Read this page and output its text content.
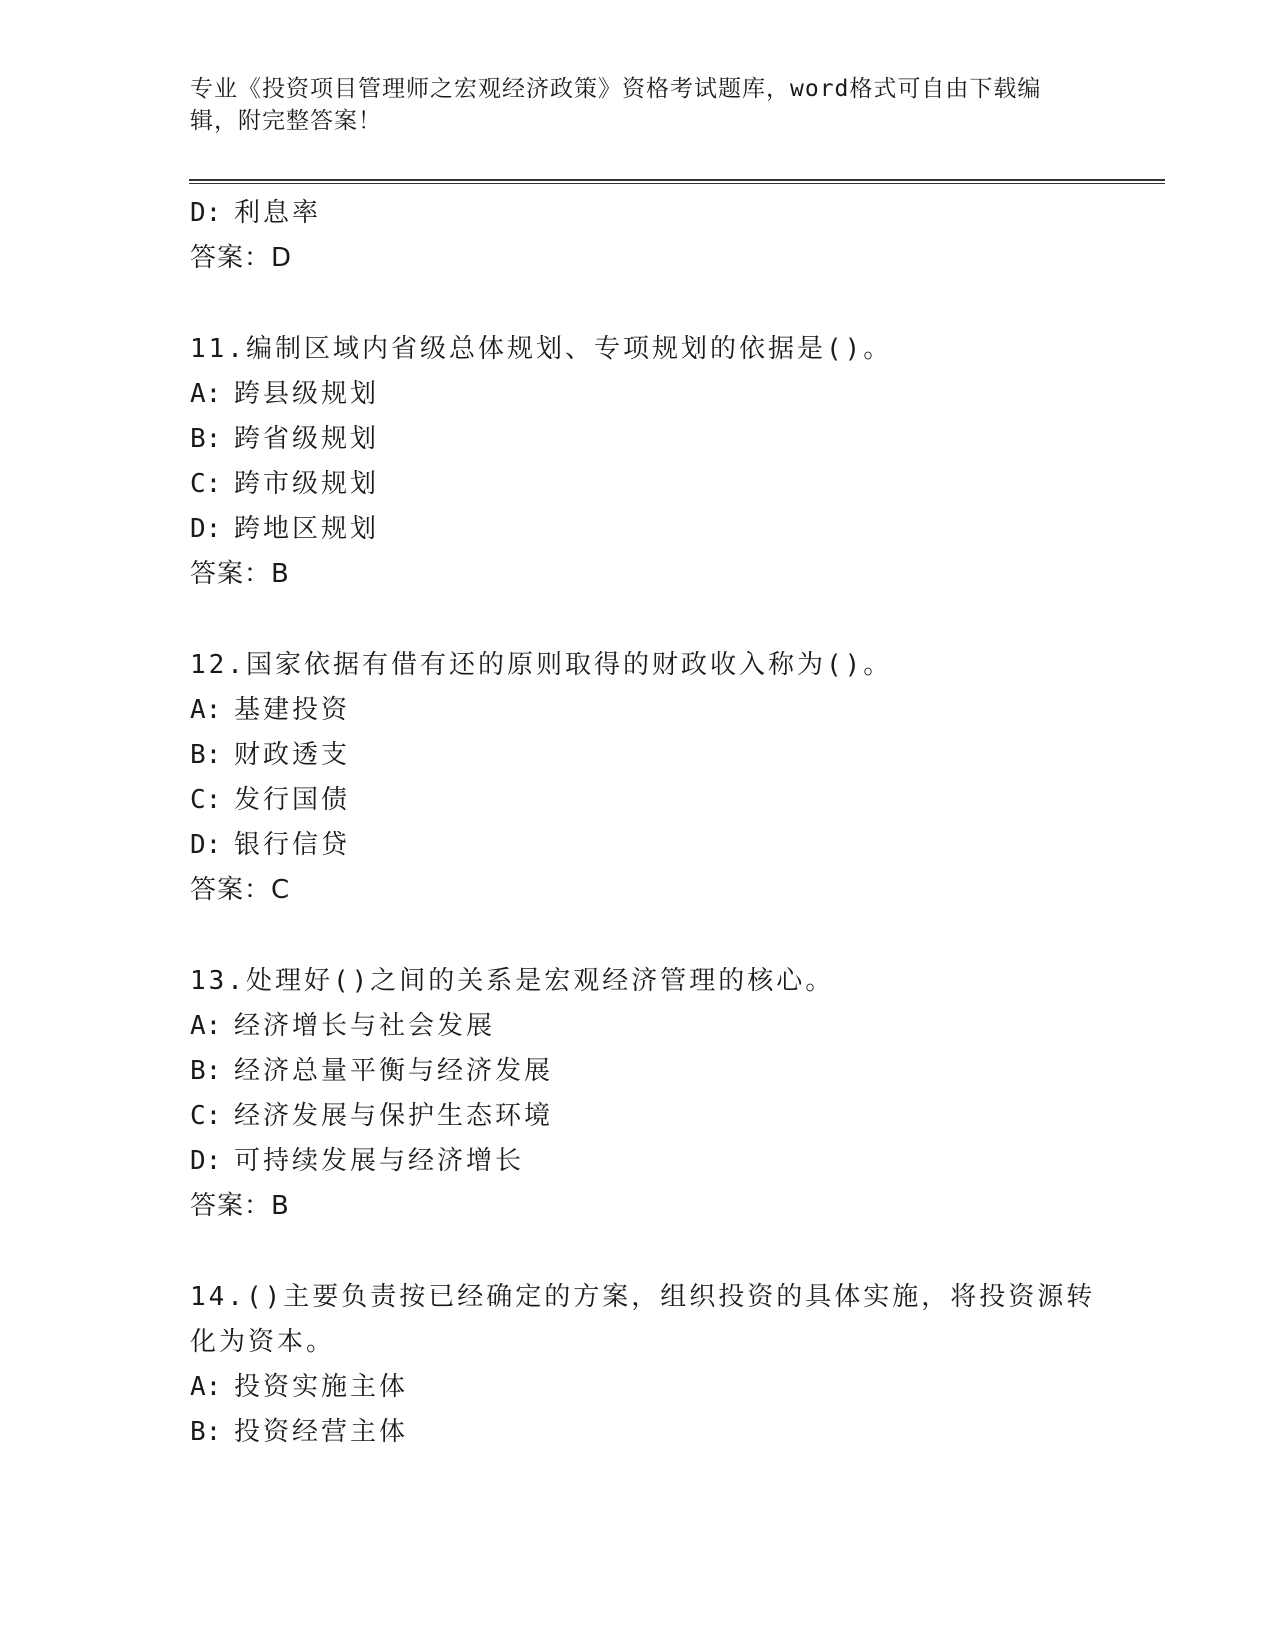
专业《投资项目管理师之宏观经济政策》资格考试题库，word格式可自由下载编
辑，附完整答案！
D: 利息率
答案：D
11.编制区域内省级总体规划、专项规划的依据是()。
A: 跨县级规划
B: 跨省级规划
C: 跨市级规划
D: 跨地区规划
答案：B
12.国家依据有借有还的原则取得的财政收入称为()。
A: 基建投资
B: 财政透支
C: 发行国债
D: 银行信贷
答案：C
13.处理好()之间的关系是宏观经济管理的核心。
A: 经济增长与社会发展
B: 经济总量平衡与经济发展
C: 经济发展与保护生态环境
D: 可持续发展与经济增长
答案：B
14.()主要负责按已经确定的方案，组织投资的具体实施，将投资源转
化为资本。
A: 投资实施主体
B: 投资经营主体
